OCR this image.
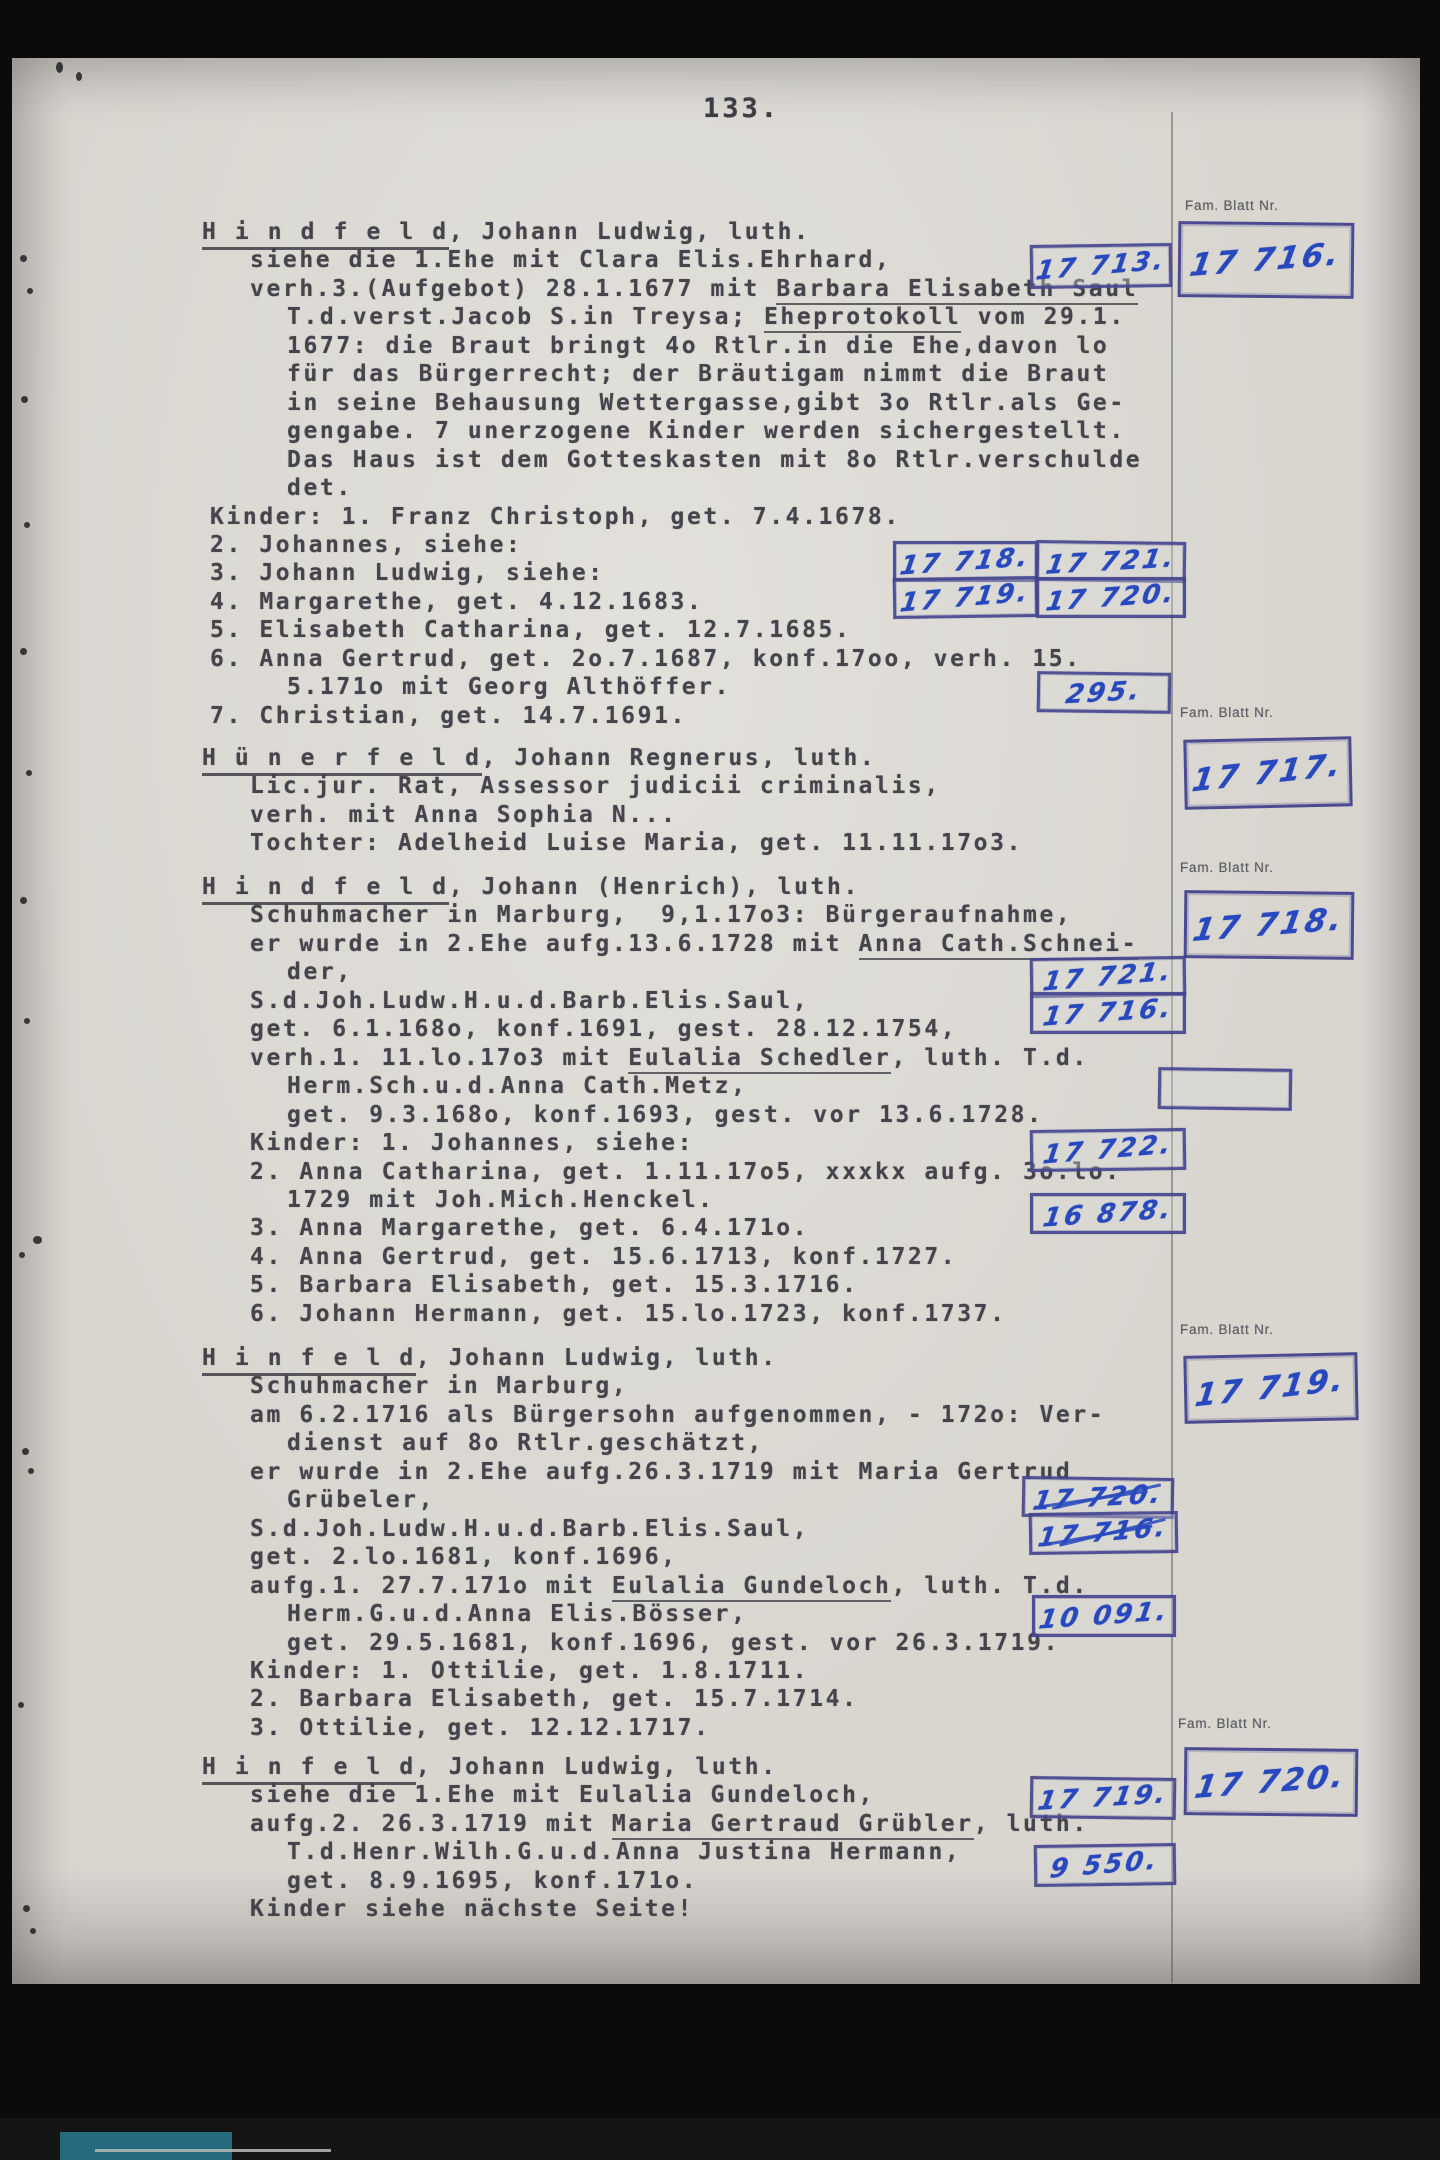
133.
H i n d f e l d, Johann Ludwig, luth.
siehe die 1.Ehe mit Clara Elis.Ehrhard,
verh.3.(Aufgebot) 28.1.1677 mit Barbara Elisabeth Saul
T.d.verst.Jacob S.in Treysa; Eheprotokoll vom 29.1.
1677: die Braut bringt 4o Rtlr.in die Ehe,davon lo
für das Bürgerrecht; der Bräutigam nimmt die Braut
in seine Behausung Wettergasse,gibt 3o Rtlr.als Ge-
gengabe. 7 unerzogene Kinder werden sichergestellt.
Das Haus ist dem Gotteskasten mit 8o Rtlr.verschulde
det.
Kinder: 1. Franz Christoph, get. 7.4.1678.
2. Johannes, siehe:
3. Johann Ludwig, siehe:
4. Margarethe, get. 4.12.1683.
5. Elisabeth Catharina, get. 12.7.1685.
6. Anna Gertrud, get. 2o.7.1687, konf.17oo, verh. 15.
5.171o mit Georg Althöffer.
7. Christian, get. 14.7.1691.
H ü n e r f e l d, Johann Regnerus, luth.
Lic.jur. Rat, Assessor judicii criminalis,
verh. mit Anna Sophia N...
Tochter: Adelheid Luise Maria, get. 11.11.17o3.
H i n d f e l d, Johann (Henrich), luth.
Schuhmacher in Marburg,  9,1.17o3: Bürgeraufnahme,
er wurde in 2.Ehe aufg.13.6.1728 mit Anna Cath.Schnei-
der,
S.d.Joh.Ludw.H.u.d.Barb.Elis.Saul,
get. 6.1.168o, konf.1691, gest. 28.12.1754,
verh.1. 11.lo.17o3 mit Eulalia Schedler, luth. T.d.
Herm.Sch.u.d.Anna Cath.Metz,
get. 9.3.168o, konf.1693, gest. vor 13.6.1728.
Kinder: 1. Johannes, siehe:
2. Anna Catharina, get. 1.11.17o5, xxxkx aufg. 3o.lo.
1729 mit Joh.Mich.Henckel.
3. Anna Margarethe, get. 6.4.171o.
4. Anna Gertrud, get. 15.6.1713, konf.1727.
5. Barbara Elisabeth, get. 15.3.1716.
6. Johann Hermann, get. 15.lo.1723, konf.1737.
H i n f e l d, Johann Ludwig, luth.
Schuhmacher in Marburg,
am 6.2.1716 als Bürgersohn aufgenommen, - 172o: Ver-
dienst auf 8o Rtlr.geschätzt,
er wurde in 2.Ehe aufg.26.3.1719 mit Maria Gertrud
Grübeler,
S.d.Joh.Ludw.H.u.d.Barb.Elis.Saul,
get. 2.lo.1681, konf.1696,
aufg.1. 27.7.171o mit Eulalia Gundeloch, luth. T.d.
Herm.G.u.d.Anna Elis.Bösser,
get. 29.5.1681, konf.1696, gest. vor 26.3.1719.
Kinder: 1. Ottilie, get. 1.8.1711.
2. Barbara Elisabeth, get. 15.7.1714.
3. Ottilie, get. 12.12.1717.
H i n f e l d, Johann Ludwig, luth.
siehe die 1.Ehe mit Eulalia Gundeloch,
aufg.2. 26.3.1719 mit Maria Gertraud Grübler, luth.
T.d.Henr.Wilh.G.u.d.Anna Justina Hermann,
get. 8.9.1695, konf.171o.
Kinder siehe nächste Seite!
17 713.
17 718. 17 721.
17 719. 17 720.
295.
17 721.
17 716.
17 722.
16 878.
17 720.
17 716.
10 091.
17 719.
9 550.
Fam. Blatt Nr.
17 716.
Fam. Blatt Nr.
17 717.
Fam. Blatt Nr.
17 718.
Fam. Blatt Nr.
17 719.
Fam. Blatt Nr.
17 720.
